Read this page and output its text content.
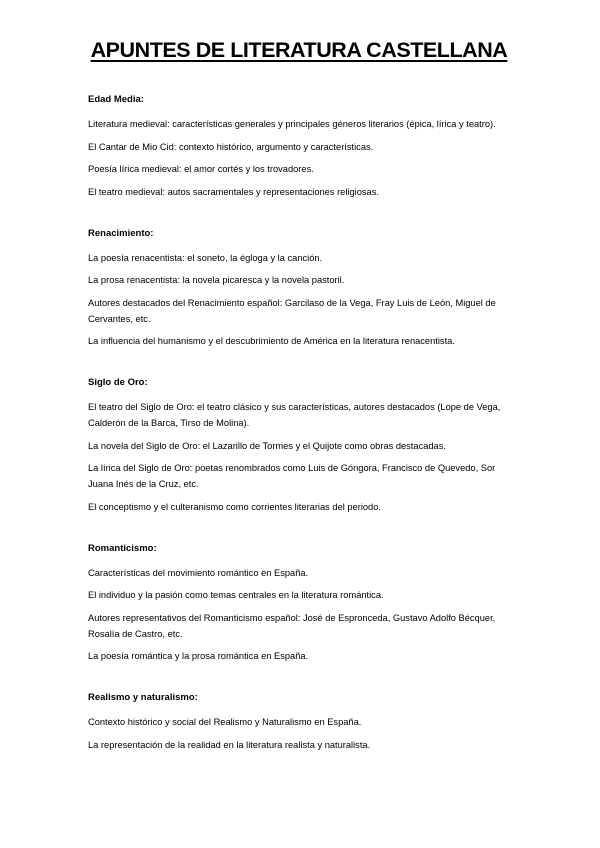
APUNTES DE LITERATURA CASTELLANA
Edad Media:

Literatura medieval: características generales y principales géneros literarios (épica, lírica y teatro).

El Cantar de Mio Cid: contexto histórico, argumento y características.

Poesía lírica medieval: el amor cortés y los trovadores.

El teatro medieval: autos sacramentales y representaciones religiosas.

Renacimiento:

La poesía renacentista: el soneto, la égloga y la canción.

La prosa renacentista: la novela picaresca y la novela pastoril.

Autores destacados del Renacimiento español: Garcilaso de la Vega, Fray Luis de León, Miguel de Cervantes, etc.

La influencia del humanismo y el descubrimiento de América en la literatura renacentista.

Siglo de Oro:

El teatro del Siglo de Oro: el teatro clásico y sus características, autores destacados (Lope de Vega, Calderón de la Barca, Tirso de Molina).

La novela del Siglo de Oro: el Lazarillo de Tormes y el Quijote como obras destacadas.

La lírica del Siglo de Oro: poetas renombrados como Luis de Góngora, Francisco de Quevedo, Sor Juana Inés de la Cruz, etc.

El conceptismo y el culteranismo como corrientes literarias del periodo.

Romanticismo:

Características del movimiento romántico en España.

El individuo y la pasión como temas centrales en la literatura romántica.

Autores representativos del Romanticismo español: José de Espronceda, Gustavo Adolfo Bécquer, Rosalía de Castro, etc.

La poesía romántica y la prosa romántica en España.

Realismo y naturalismo:

Contexto histórico y social del Realismo y Naturalismo en España.

La representación de la realidad en la literatura realista y naturalista.
